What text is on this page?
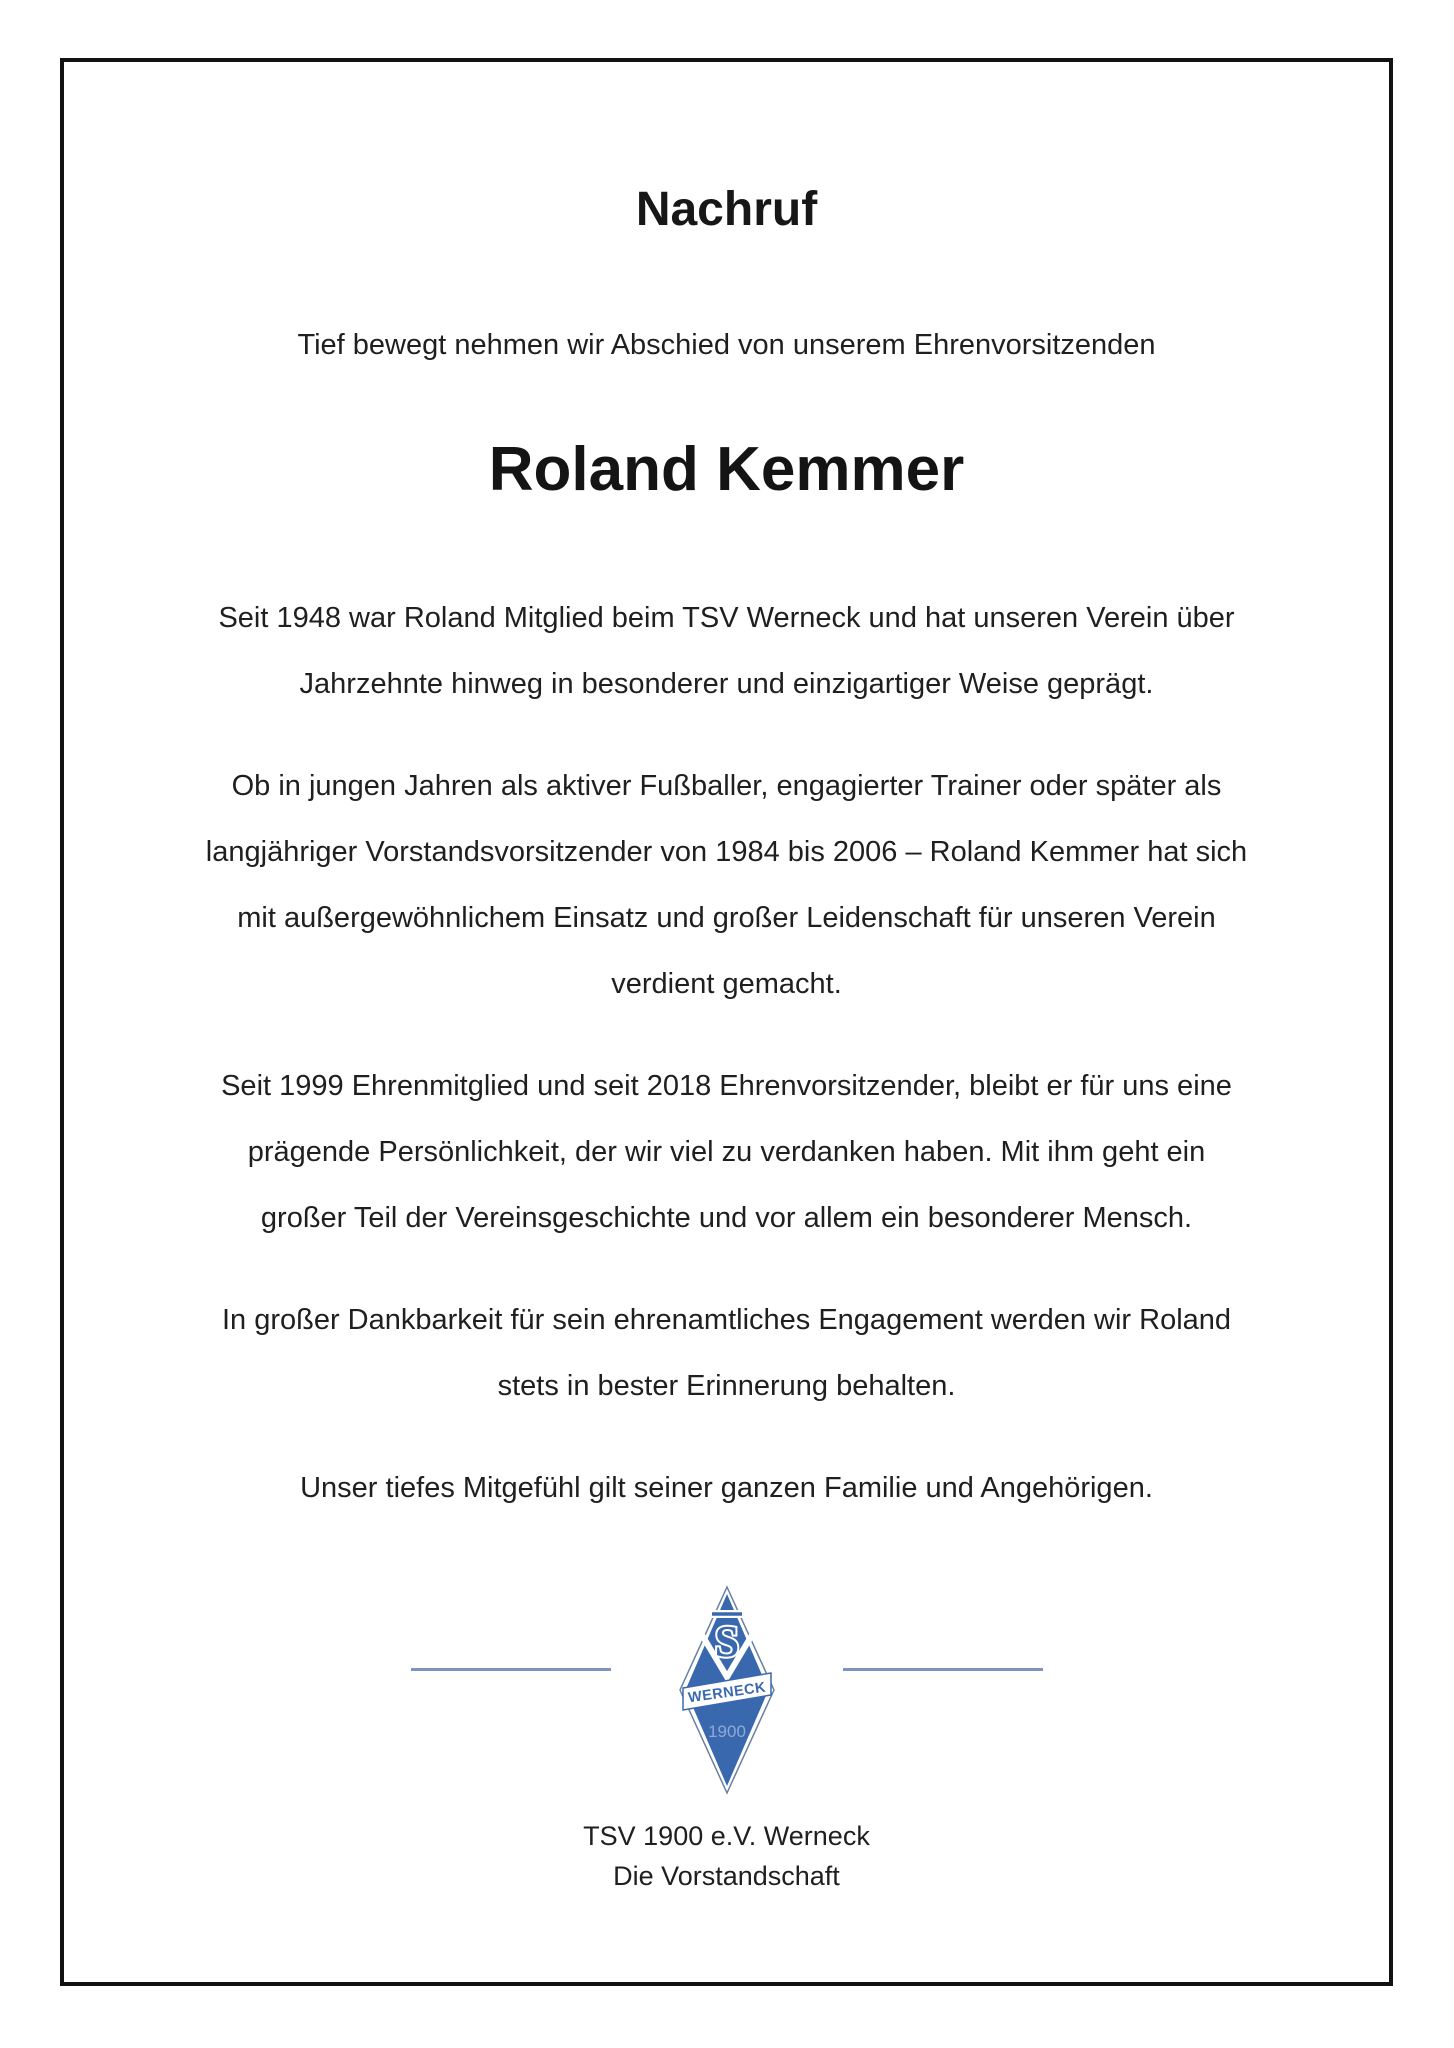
Nachruf
Tief bewegt nehmen wir Abschied von unserem Ehrenvorsitzenden
Roland Kemmer

Seit 1948 war Roland Mitglied beim TSV Werneck und hat unseren Verein über
Jahrzehnte hinweg in besonderer und einzigartiger Weise geprägt.

Ob in jungen Jahren als aktiver Fußballer, engagierter Trainer oder später als
langjähriger Vorstandsvorsitzender von 1984 bis 2006 – Roland Kemmer hat sich
mit außergewöhnlichem Einsatz und großer Leidenschaft für unseren Verein
verdient gemacht.

Seit 1999 Ehrenmitglied und seit 2018 Ehrenvorsitzender, bleibt er für uns eine
prägende Persönlichkeit, der wir viel zu verdanken haben. Mit ihm geht ein
großer Teil der Vereinsgeschichte und vor allem ein besonderer Mensch.

In großer Dankbarkeit für sein ehrenamtliches Engagement werden wir Roland
stets in bester Erinnerung behalten.

Unser tiefes Mitgefühl gilt seiner ganzen Familie und Angehörigen.

S
WERNECK
1900
TSV 1900 e.V. Werneck
Die Vorstandschaft
